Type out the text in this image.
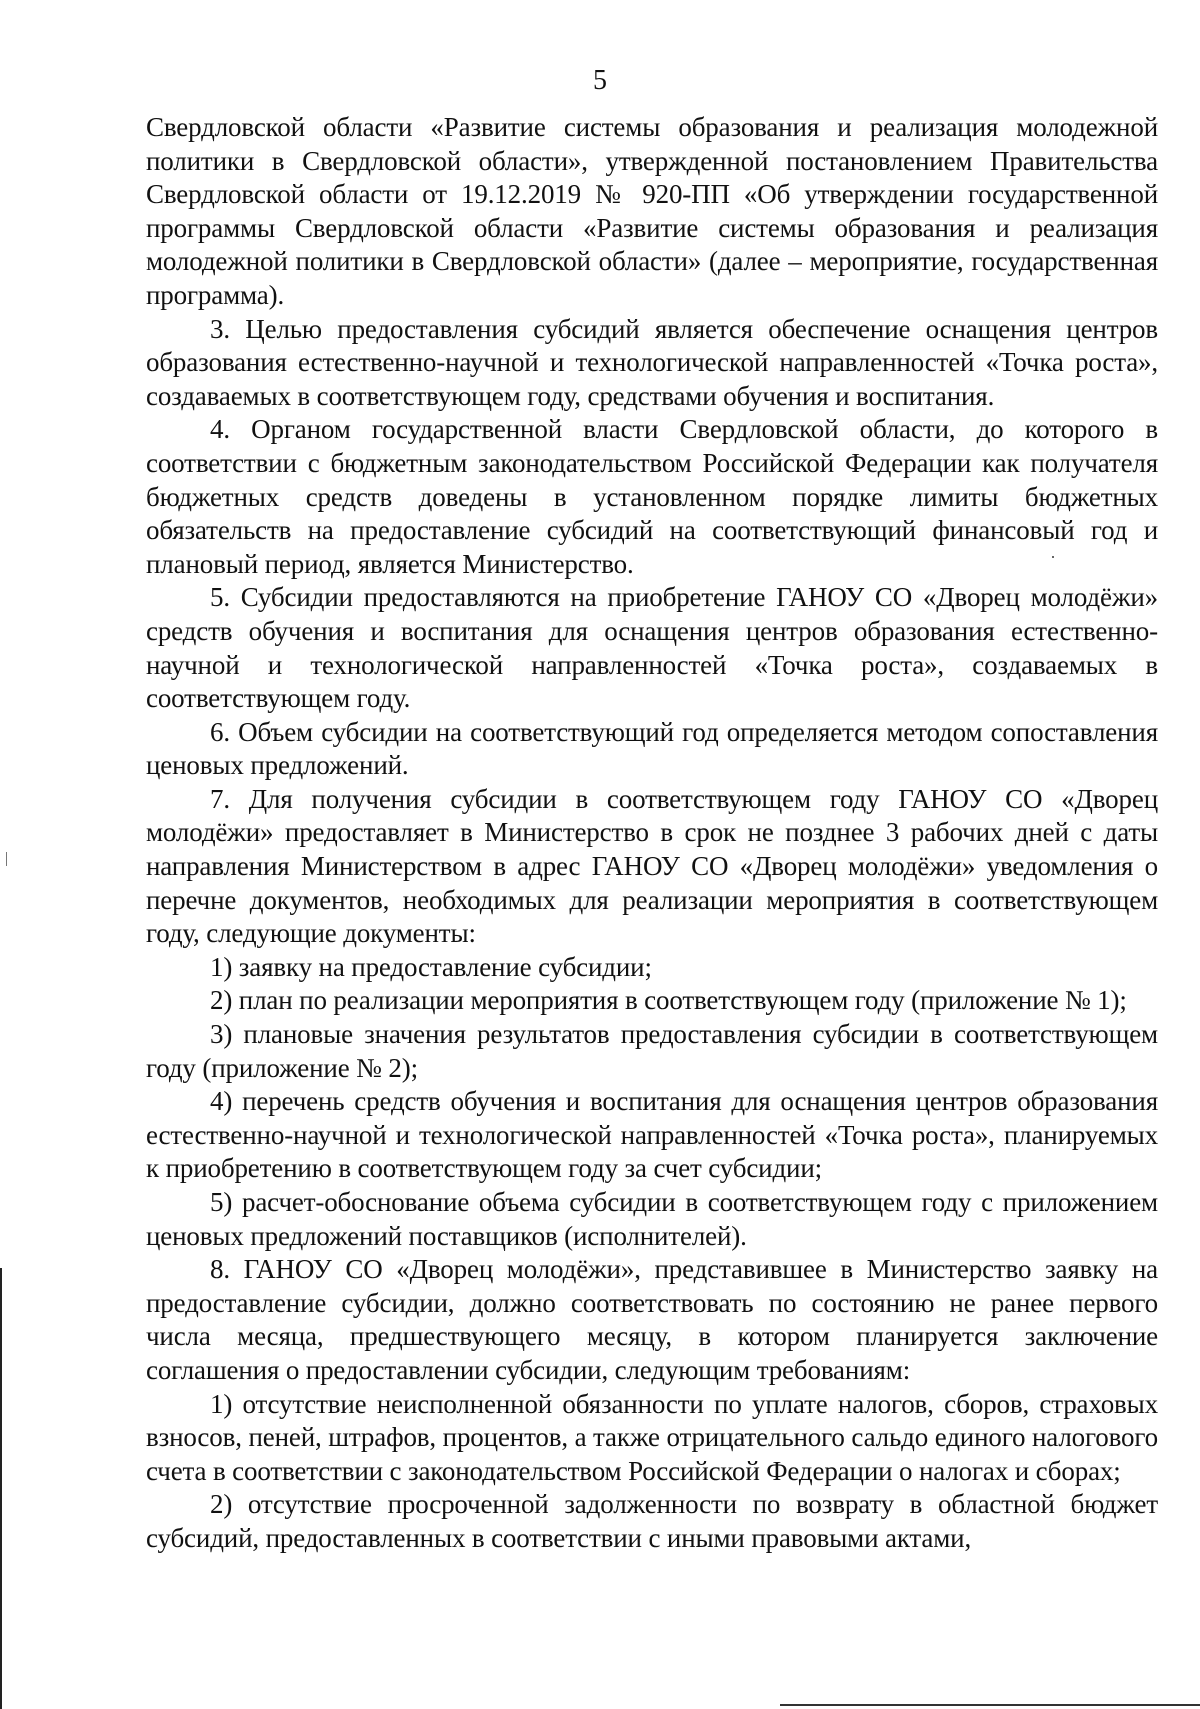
5

Свердловской области «Развитие системы образования и реализация молодежной политики в Свердловской области», утвержденной постановлением Правительства Свердловской области от 19.12.2019 № 920-ПП «Об утверждении государственной программы Свердловской области «Развитие системы образования и реализация молодежной политики в Свердловской области» (далее – мероприятие, государственная программа).

3. Целью предоставления субсидий является обеспечение оснащения центров образования естественно-научной и технологической направленностей «Точка роста», создаваемых в соответствующем году, средствами обучения и воспитания.

4. Органом государственной власти Свердловской области, до которого в соответствии с бюджетным законодательством Российской Федерации как получателя бюджетных средств доведены в установленном порядке лимиты бюджетных обязательств на предоставление субсидий на соответствующий финансовый год и плановый период, является Министерство.

5. Субсидии предоставляются на приобретение ГАНОУ СО «Дворец молодёжи» средств обучения и воспитания для оснащения центров образования естественно-научной и технологической направленностей «Точка роста», создаваемых в соответствующем году.

6. Объем субсидии на соответствующий год определяется методом сопоставления ценовых предложений.

7. Для получения субсидии в соответствующем году ГАНОУ СО «Дворец молодёжи» предоставляет в Министерство в срок не позднее 3 рабочих дней с даты направления Министерством в адрес ГАНОУ СО «Дворец молодёжи» уведомления о перечне документов, необходимых для реализации мероприятия в соответствующем году, следующие документы:

1) заявку на предоставление субсидии;

2) план по реализации мероприятия в соответствующем году (приложение № 1);

3) плановые значения результатов предоставления субсидии в соответствующем году (приложение № 2);

4) перечень средств обучения и воспитания для оснащения центров образования естественно-научной и технологической направленностей «Точка роста», планируемых к приобретению в соответствующем году за счет субсидии;

5) расчет-обоснование объема субсидии в соответствующем году с приложением ценовых предложений поставщиков (исполнителей).

8. ГАНОУ СО «Дворец молодёжи», представившее в Министерство заявку на предоставление субсидии, должно соответствовать по состоянию не ранее первого числа месяца, предшествующего месяцу, в котором планируется заключение соглашения о предоставлении субсидии, следующим требованиям:

1) отсутствие неисполненной обязанности по уплате налогов, сборов, страховых взносов, пеней, штрафов, процентов, а также отрицательного сальдо единого налогового счета в соответствии с законодательством Российской Федерации о налогах и сборах;

2) отсутствие просроченной задолженности по возврату в областной бюджет субсидий, предоставленных в соответствии с иными правовыми актами,
